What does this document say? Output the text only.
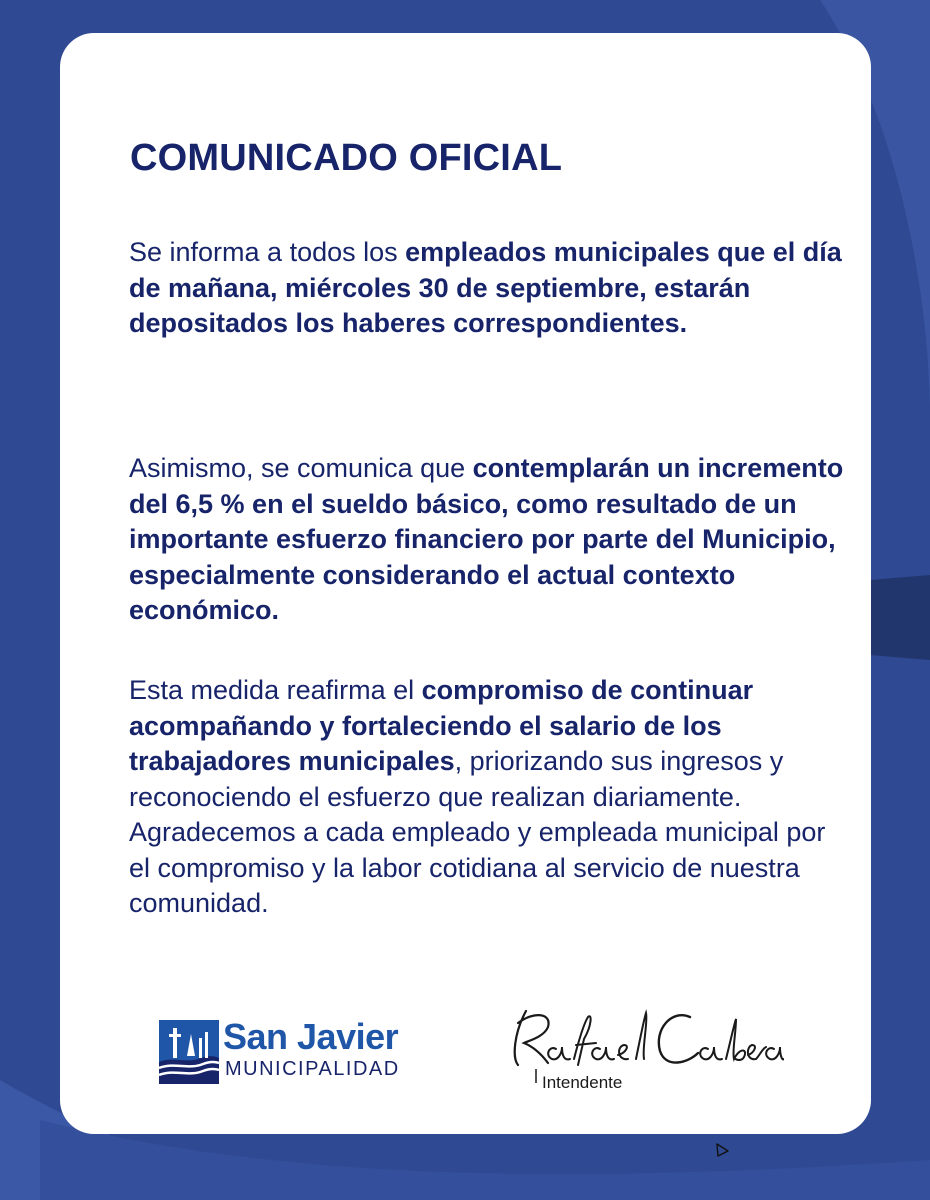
COMUNICADO OFICIAL

Se informa a todos los empleados municipales que el día de mañana, miércoles 30 de septiembre, estarán depositados los haberes correspondientes.

Asimismo, se comunica que contemplarán un incremento del 6,5 % en el sueldo básico, como resultado de un importante esfuerzo financiero por parte del Municipio, especialmente considerando el actual contexto económico.

Esta medida reafirma el compromiso de continuar acompañando y fortaleciendo el salario de los trabajadores municipales, priorizando sus ingresos y reconociendo el esfuerzo que realizan diariamente. Agradecemos a cada empleado y empleada municipal por el compromiso y la labor cotidiana al servicio de nuestra comunidad.

San Javier
MUNICIPALIDAD
Intendente
